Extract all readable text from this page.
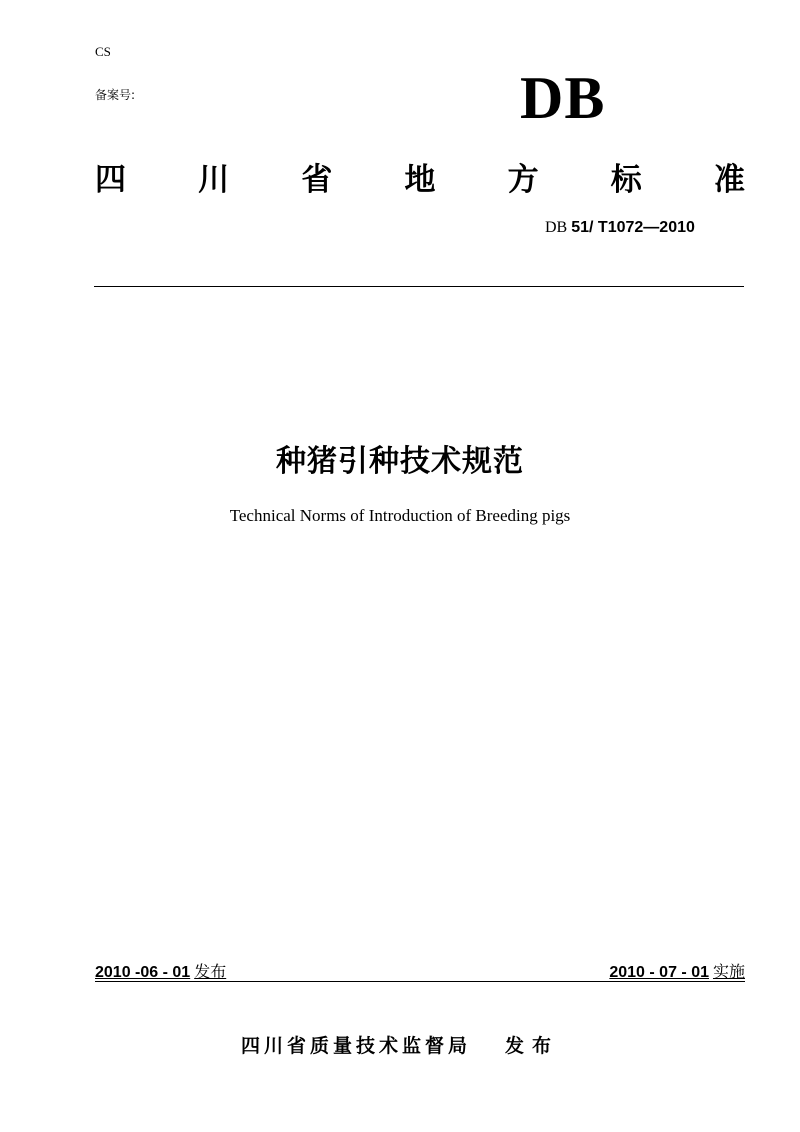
CS
备案号:	DB
四 川 省 地 方 标 准
DB 51/ T1072—2010
种猪引种技术规范
Technical Norms of Introduction of Breeding pigs
2010 -06 - 01 发布	2010 - 07 - 01 实施
四川省质量技术监督局 发布
